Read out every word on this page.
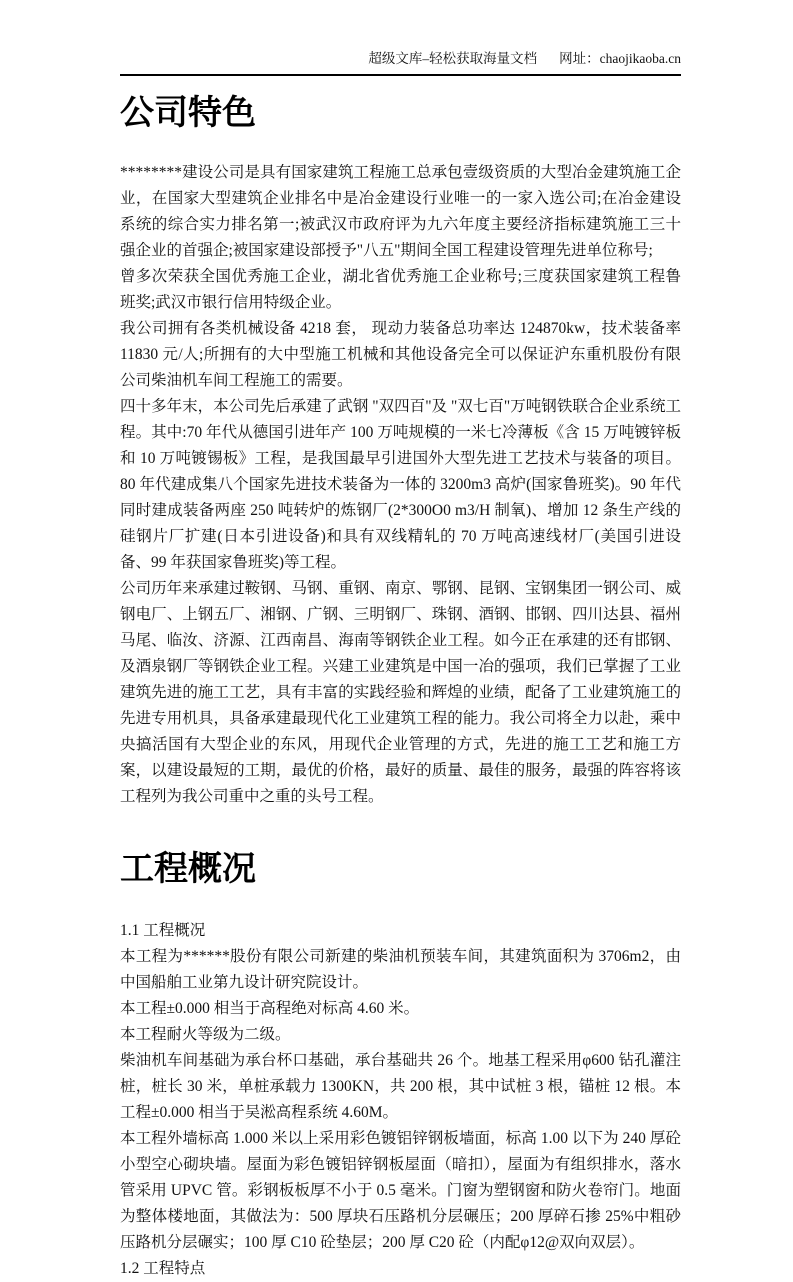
超级文库–轻松获取海量文档 网址：chaojikaoba.cn
公司特色

********建设公司是具有国家建筑工程施工总承包壹级资质的大型冶金建筑施工企业，在国家大型建筑企业排名中是冶金建设行业唯一的一家入选公司;在冶金建设系统的综合实力排名第一;被武汉市政府评为九六年度主要经济指标建筑施工三十强企业的首强企;被国家建设部授予"八五"期间全国工程建设管理先进单位称号;

曾多次荣获全国优秀施工企业，湖北省优秀施工企业称号;三度获国家建筑工程鲁班奖;武汉市银行信用特级企业。

我公司拥有各类机械设备 4218 套， 现动力装备总功率达 124870kw，技术装备率 11830 元/人;所拥有的大中型施工机械和其他设备完全可以保证沪东重机股份有限公司柴油机车间工程施工的需要。

四十多年末，本公司先后承建了武钢 "双四百"及 "双七百"万吨钢铁联合企业系统工程。其中:70 年代从德国引进年产 100 万吨规模的一米七冷薄板《含 15 万吨镀锌板和 10 万吨镀锡板》工程，是我国最早引进国外大型先进工艺技术与装备的项目。80 年代建成集八个国家先进技术装备为一体的 3200m3 高炉(国家鲁班奖)。90 年代同时建成装备两座 250 吨转炉的炼钢厂(2*300O0 m3/H 制氧)、增加 12 条生产线的硅钢片厂扩建(日本引进设备)和具有双线精轧的 70 万吨高速线材厂(美国引进设备、99 年获国家鲁班奖)等工程。

公司历年来承建过鞍钢、马钢、重钢、南京、鄂钢、昆钢、宝钢集团一钢公司、威钢电厂、上钢五厂、湘钢、广钢、三明钢厂、珠钢、酒钢、邯钢、四川达县、福州马尾、临汝、济源、江西南昌、海南等钢铁企业工程。如今正在承建的还有邯钢、及酒泉钢厂等钢铁企业工程。兴建工业建筑是中国一冶的强项，我们已掌握了工业建筑先进的施工工艺，具有丰富的实践经验和辉煌的业绩，配备了工业建筑施工的先进专用机具，具备承建最现代化工业建筑工程的能力。我公司将全力以赴，乘中央搞活国有大型企业的东风，用现代企业管理的方式，先进的施工工艺和施工方案，以建设最短的工期，最优的价格，最好的质量、最佳的服务，最强的阵容将该工程列为我公司重中之重的头号工程。

工程概况

1.1 工程概况

本工程为******股份有限公司新建的柴油机预装车间，其建筑面积为 3706m2，由中国船舶工业第九设计研究院设计。

本工程±0.000 相当于高程绝对标高 4.60 米。

本工程耐火等级为二级。

柴油机车间基础为承台杯口基础，承台基础共 26 个。地基工程采用φ600 钻孔灌注桩，桩长 30 米，单桩承载力 1300KN，共 200 根，其中试桩 3 根，锚桩 12 根。本工程±0.000 相当于吴淞高程系统 4.60M。

本工程外墙标高 1.000 米以上采用彩色镀铝锌钢板墙面，标高 1.00 以下为 240 厚砼小型空心砌块墙。屋面为彩色镀铝锌钢板屋面（暗扣），屋面为有组织排水，落水管采用 UPVC 管。彩钢板板厚不小于 0.5 毫米。门窗为塑钢窗和防火卷帘门。地面为整体楼地面，其做法为：500 厚块石压路机分层碾压；200 厚碎石掺 25%中粗砂压路机分层碾实；100 厚 C10 砼垫层；200 厚 C20 砼（内配φ12@双向双层）。

1.2 工程特点
